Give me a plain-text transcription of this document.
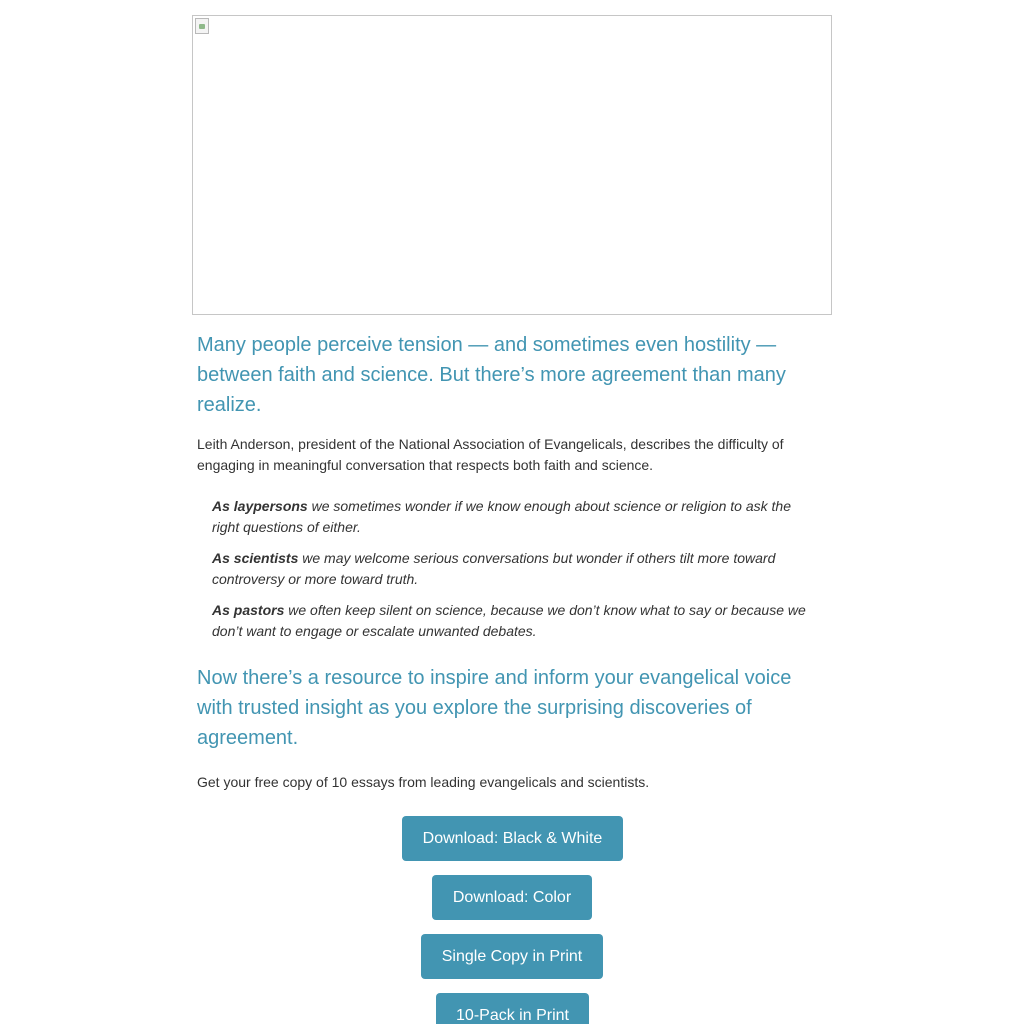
Many people perceive tension — and sometimes even hostility — between faith and science. But there’s more agreement than many realize.

Leith Anderson, president of the National Association of Evangelicals, describes the difficulty of engaging in meaningful conversation that respects both faith and science.

As laypersons we sometimes wonder if we know enough about science or religion to ask the right questions of either.
As scientists we may welcome serious conversations but wonder if others tilt more toward controversy or more toward truth.
As pastors we often keep silent on science, because we don’t know what to say or because we don’t want to engage or escalate unwanted debates.
Now there’s a resource to inspire and inform your evangelical voice with trusted insight as you explore the surprising discoveries of agreement.

Get your free copy of 10 essays from leading evangelicals and scientists.

Download: Black & White
Download: Color
Single Copy in Print
10-Pack in Print
